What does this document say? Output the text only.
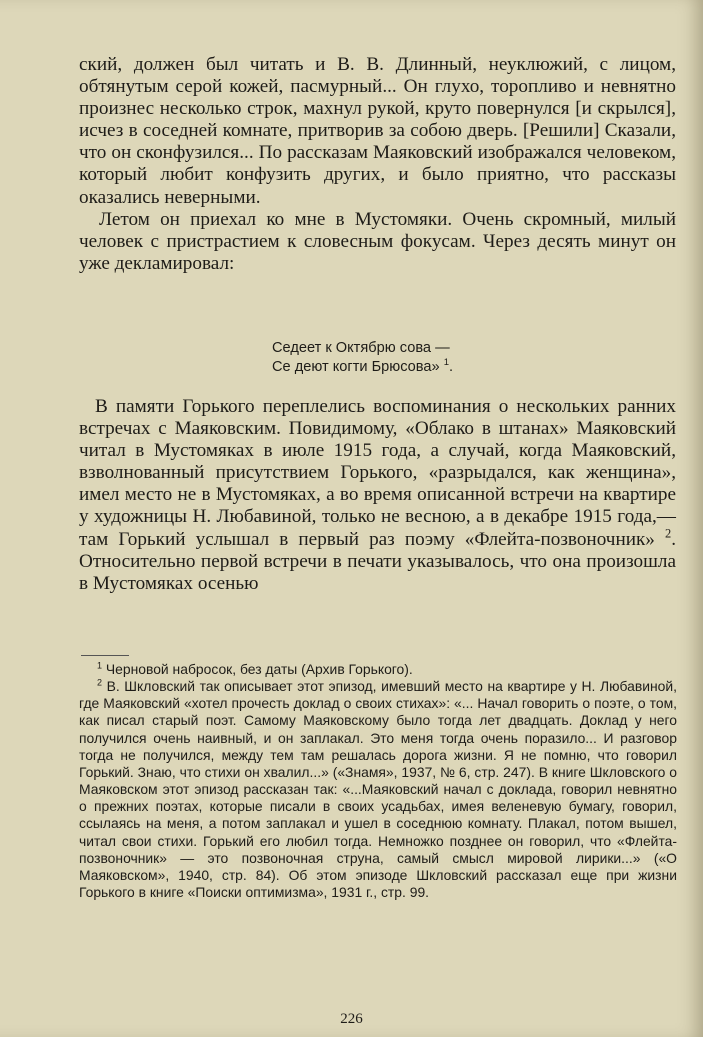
ский, должен был читать и В. В. Длинный, неуклюжий, с лицом, обтянутым серой кожей, пасмурный... Он глухо, торопливо и невнятно произнес несколько строк, махнул рукой, круто повернулся [и скрылся], исчез в соседней комнате, притворив за собою дверь. [Решили] Сказали, что он сконфузился... По рассказам Маяковский изображался человеком, который любит конфузить других, и было приятно, что рассказы оказались неверными.

Летом он приехал ко мне в Мустомяки. Очень скромный, милый человек с пристрастием к словесным фокусам. Через десять минут он уже декламировал:

Седеет к Октябрю сова —
Се деют когти Брюсова» $^1$.

В памяти Горького переплелись воспоминания о нескольких ранних встречах с Маяковским. Повидимому, «Облако в штанах» Маяковский читал в Мустомяках в июле 1915 года, а случай, когда Маяковский, взволнованный присутствием Горького, «разрыдался, как женщина», имел место не в Мустомяках, а во время описанной встречи на квартире у художницы Н. Любавиной, только не весною, а в декабре 1915 года,— там Горький услышал в первый раз поэму «Флейта-позвоночник» $^2$. Относительно первой встречи в печати указывалось, что она произошла в Мустомяках осенью

$^1$ Черновой набросок, без даты (Архив Горького).

$^2$ В. Шкловский так описывает этот эпизод, имевший место на квартире у Н. Любавиной, где Маяковский «хотел прочесть доклад о своих стихах»: «... Начал говорить о поэте, о том, как писал старый поэт. Самому Маяковскому было тогда лет двадцать. Доклад у него получился очень наивный, и он заплакал. Это меня тогда очень поразило... И разговор тогда не получился, между тем там решалась дорога жизни. Я не помню, что говорил Горький. Знаю, что стихи он хвалил...» («Знамя», 1937, № 6, стр. 247). В книге Шкловского о Маяковском этот эпизод рассказан так: «...Маяковский начал с доклада, говорил невнятно о прежних поэтах, которые писали в своих усадьбах, имея веленевую бумагу, говорил, ссылаясь на меня, а потом заплакал и ушел в соседнюю комнату. Плакал, потом вышел, читал свои стихи. Горький его любил тогда. Немножко позднее он говорил, что «Флейта-позвоночник» — это позвоночная струна, самый смысл мировой лирики...» («О Маяковском», 1940, стр. 84). Об этом эпизоде Шкловский рассказал еще при жизни Горького в книге «Поиски оптимизма», 1931 г., стр. 99.

226
